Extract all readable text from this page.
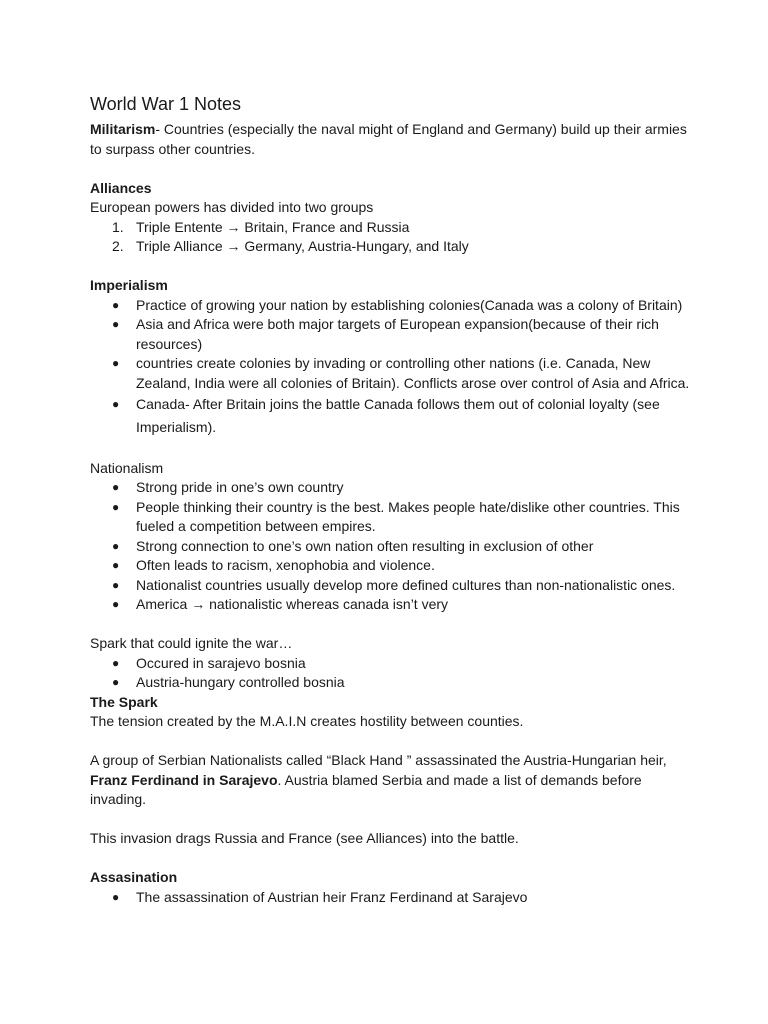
World War 1 Notes

Militarism- Countries (especially the naval might of England and Germany) build up their armies to surpass other countries.

Alliances

European powers has divided into two groups

1. Triple Entente → Britain, France and Russia
2. Triple Alliance → Germany, Austria-Hungary, and Italy

Imperialism

● Practice of growing your nation by establishing colonies(Canada was a colony of Britain)
● Asia and Africa were both major targets of European expansion(because of their rich resources)
● countries create colonies by invading or controlling other nations (i.e. Canada, New Zealand, India were all colonies of Britain). Conflicts arose over control of Asia and Africa.
● Canada- After Britain joins the battle Canada follows them out of colonial loyalty (see Imperialism).

Nationalism

● Strong pride in one’s own country
● People thinking their country is the best. Makes people hate/dislike other countries. This fueled a competition between empires.
● Strong connection to one’s own nation often resulting in exclusion of other
● Often leads to racism, xenophobia and violence.
● Nationalist countries usually develop more defined cultures than non-nationalistic ones.
● America → nationalistic whereas canada isn’t very

Spark that could ignite the war…

● Occured in sarajevo bosnia
● Austria-hungary controlled bosnia

The Spark

The tension created by the M.A.I.N creates hostility between counties.

A group of Serbian Nationalists called “Black Hand ” assassinated the Austria-Hungarian heir, Franz Ferdinand in Sarajevo. Austria blamed Serbia and made a list of demands before invading.

This invasion drags Russia and France (see Alliances) into the battle.

Assasination

● The assassination of Austrian heir Franz Ferdinand at Sarajevo
